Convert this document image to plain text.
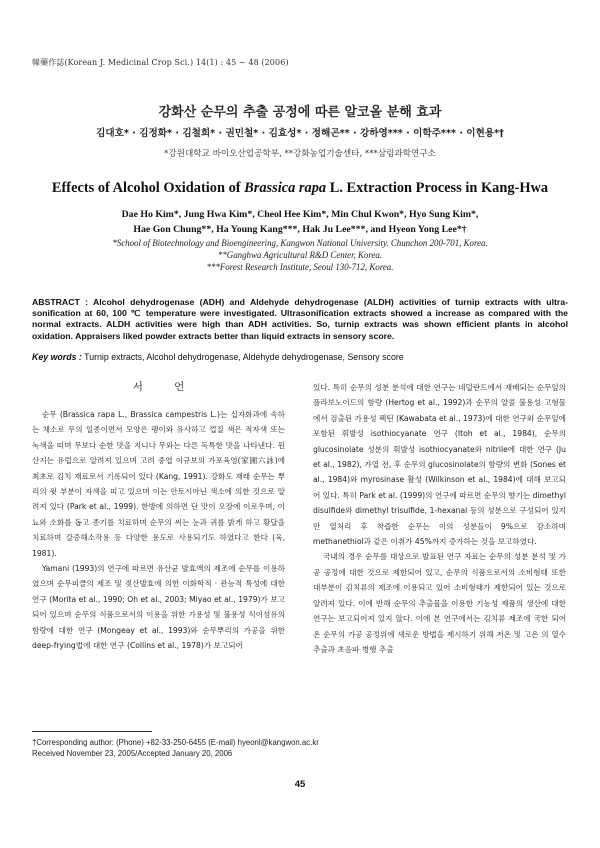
韓藥作誌(Korean J. Medicinal Crop Sci.) 14(1) : 45 ~ 48 (2006)
강화산 순무의 추출 공정에 따른 알코올 분해 효과
김대호* · 김정화* · 김철희* · 권민철* · 김효성* · 정해곤** · 강하영*** · 이학주*** · 이현용*†
*강원대학교 바이오산업공학부, **강화농업기술센타, ***삼림과학연구소
Effects of Alcohol Oxidation of Brassica rapa L. Extraction Process in Kang-Hwa
Dae Ho Kim*, Jung Hwa Kim*, Cheol Hee Kim*, Min Chul Kwon*, Hyo Sung Kim*,
Hae Gon Chung**, Ha Young Kang***, Hak Ju Lee***, and Hyeon Yong Lee*†
*School of Biotechnology and Bioengineering, Kangwon National University. Chunchon 200-701, Korea.
**Ganghwa Agricultural R&D Center, Korea.
***Forest Research Institute, Seoul 130-712, Korea.
ABSTRACT : Alcohol dehydrogenase (ADH) and Aldehyde dehydrogenase (ALDH) activities of turnip extracts with ultra-sonification at 60, 100 ℃ temperature were investigated. Ultrasonification extracts showed a increase as compared with the normal extracts. ALDH activities were high than ADH activities. So, turnip extracts was shown efficient plants in alcohol oxidation. Appraisers liked powder extracts better than liquid extracts in sensory score.
Key words : Turnip extracts, Alcohol dehydrogenase, Aldehyde dehydrogenase, Sensory score
서 언

순무 (Brassica rapa L., Brassica campestris L.)는 십자화과에 속하는 채소로 무의 일종이면서 모양은 팽이와 유사하고 껍질 색은 적자색 또는 녹색을 띠며 무보다 순한 맛을 지니나 무와는 다른 독특한 맛을 나타낸다. 원산지는 유럽으로 알려져 있으며 고려 중엽 이규보의 가포육영(家圃六詠)에 최초로 김치 재료로서 기록되어 있다 (Kang, 1991). 강화도 재래 순무는 뿌리의 윗 부분이 자색을 띠고 있으며 이는 안토시아닌 색소에 의한 것으로 알려져 있다 (Park et al., 1999). 한방에 의하면 단 맛이 오장에 이로우며, 이뇨와 소화를 돕고 종기를 치료하며 순무의 씨는 눈과 귀를 밝게 하고 황달을 치료하며 갈증해소작용 등 다양한 용도로 사용되기도 하였다고 한다 (육, 1981).

Yamani (1993)의 연구에 따르면 유산균 발효액의 제조에 순무를 이용하였으며 순무피클의 제조 및 젖산발효에 의한 이화학적 · 관능적 특성에 대한 연구 (Morita et al., 1990; Oh et al., 2003; Miyao et al., 1979)가 보고되어 있으며 순무의 식품으로서의 이용을 위한 가용성 및 불용성 식이섬유의 함량에 대한 연구 (Mongeay et al., 1993)와 순무뿌리의 가공을 위한 deep-frying법에 대한 연구 (Collins et al., 1978)가 보고되어

있다. 특히 순무의 성분 분석에 대한 연구는 네덜란드에서 재배되는 순무잎의 플라보노이드의 함량 (Hertog et al., 1992)과 순무의 알콜 불용성 고형물에서 검출된 가용성 펙틴 (Kawabata et al., 1973)에 대한 연구와 순무잎에 포함된 휘발성 isothiocyanate 연구 (Itoh et al., 1984), 순무의 glucosinolate 성분의 휘발성 isothiocyanate와 nitrile에 대한 연구 (Ju et al., 1982), 가열 전, 후 순무의 glucosinolate의 함량의 변화 (Sones et al., 1984)와 myrosinase 활성 (Wilkinson et al., 1984)에 대해 보고되어 있다. 특히 Park et al. (1999)의 연구에 따르면 순무의 향기는 dimethyl disulfide와 dimethyl trisulfide, 1-hexanal 등의 성분으로 구성되어 있지만 열처리 후 착즙한 순무는 이의 성분들이 9%으로 감소하며 methanethiol과 같은 이취가 45%까지 증가하는 것을 보고하였다.

국내의 경우 순무를 대상으로 발표된 연구 자료는 순무의 성분 분석 및 가공 공정에 대한 것으로 제한되어 있고, 순무의 식품으로서의 소비형태 또한 대부분이 김치류의 제조에 이용되고 있어 소비형태가 제한되어 있는 것으로 알려져 있다. 이에 반해 순무의 추출물을 이용한 기능성 제품의 생산에 대한 연구는 보고되어져 있지 않다. 이에 본 연구에서는 김치류 제조에 국한 되어온 순무의 가공 공정위에 새로운 방법을 제시하기 위해 저온 및 고온 의 열수 추출과 초음파 병행 추출

†Corresponding author: (Phone) +82-33-250-6455 (E-mail) hyeonl@kangwon.ac.kr
Received November 23, 2005/Accepted January 20, 2006
45
